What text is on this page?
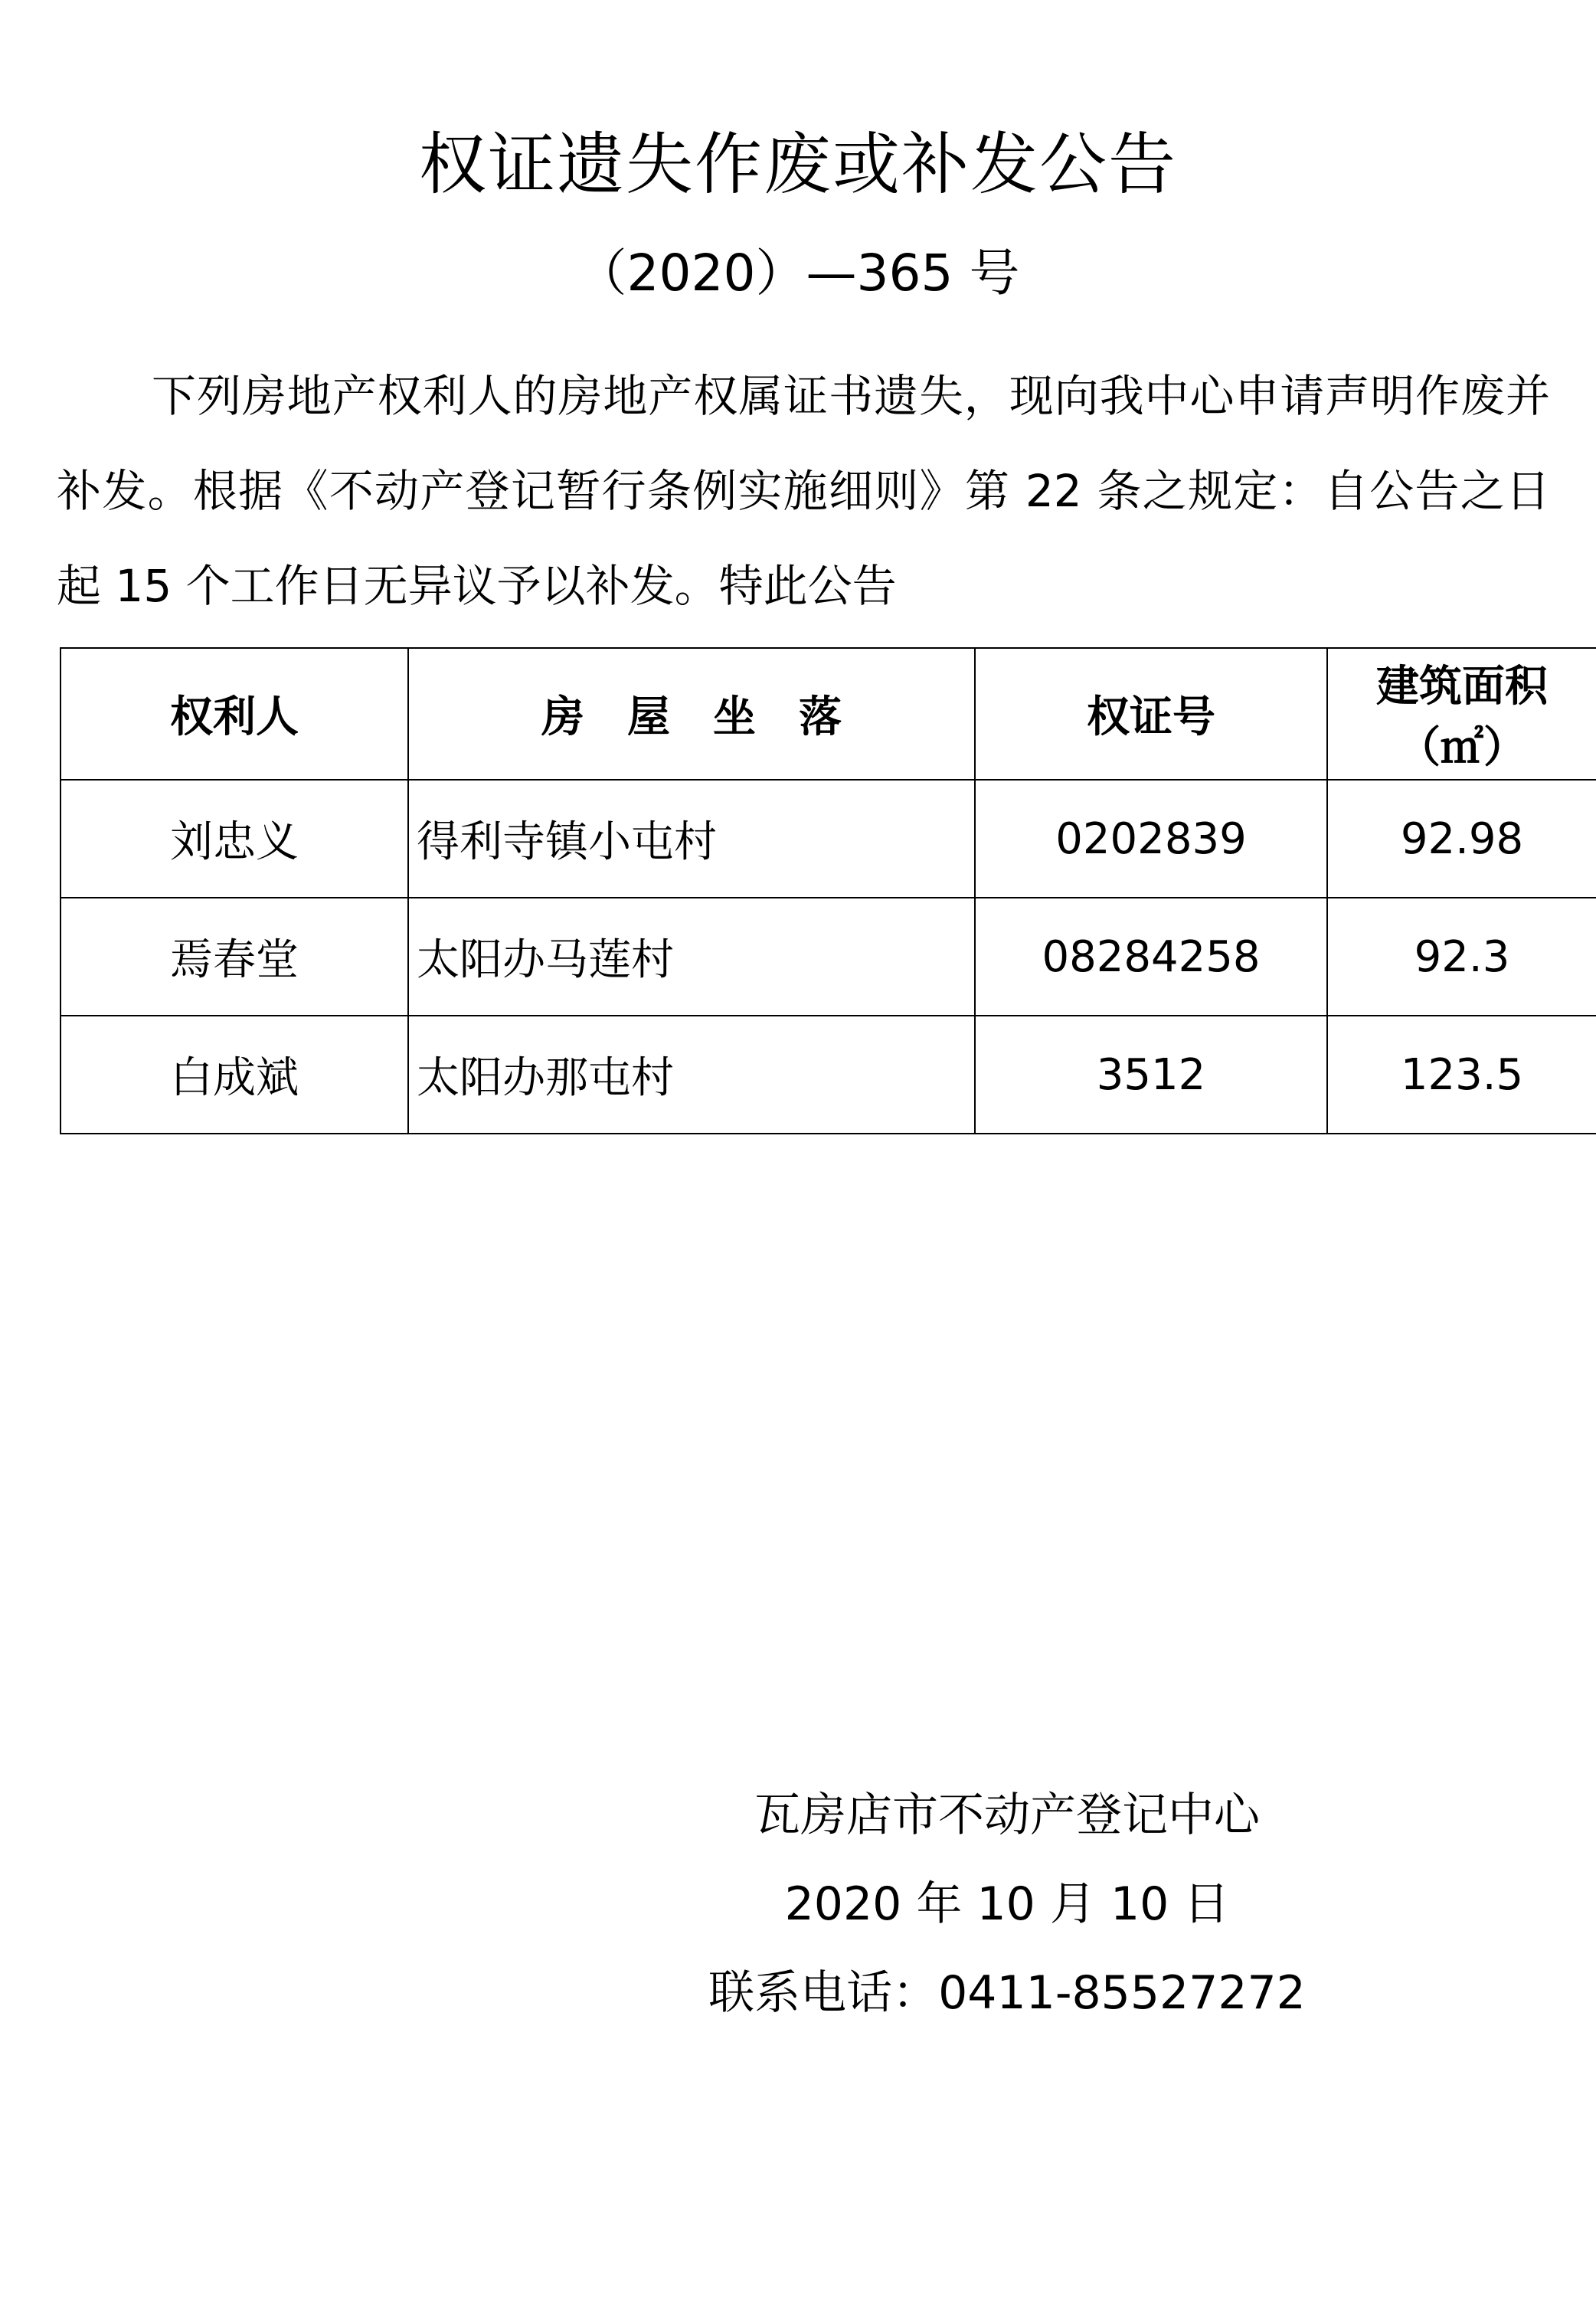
权证遗失作废或补发公告
（2020）—365 号

下列房地产权利人的房地产权属证书遗失，现向我中心申请声明作废并补发。根据《不动产登记暂行条例实施细则》第 22 条之规定：自公告之日起 15 个工作日无异议予以补发。特此公告

权利人	房　屋　坐　落	权证号	建筑面积
（㎡）

刘忠义	得利寺镇小屯村	0202839	92.98
焉春堂	太阳办马莲村	08284258	92.3
白成斌	太阳办那屯村	3512	123.5
瓦房店市不动产登记中心
2020 年 10 月 10 日
联系电话：0411-85527272
